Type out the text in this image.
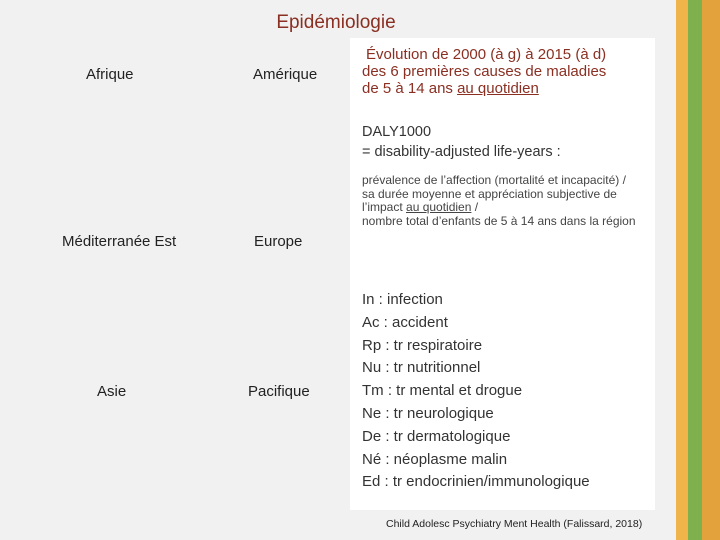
Epidémiologie
Afrique	Amérique
Méditerranée Est	Europe
Asie	Pacifique
Évolution de 2000 (à g) à 2015 (à d)
des 6 premières causes de maladies
de 5 à 14 ans au quotidien
DALY1000
= disability-adjusted life-years :
prévalence de l’affection (mortalité et incapacité) /
sa durée moyenne et appréciation subjective de l’impact au quotidien /
nombre total d’enfants de 5 à 14 ans dans la région
In : infection
Ac : accident
Rp : tr respiratoire
Nu : tr nutritionnel
Tm : tr mental et drogue
Ne : tr neurologique
De : tr dermatologique
Né : néoplasme malin
Ed : tr endocrinien/immunologique
Child Adolesc Psychiatry Ment Health (Falissard, 2018)
